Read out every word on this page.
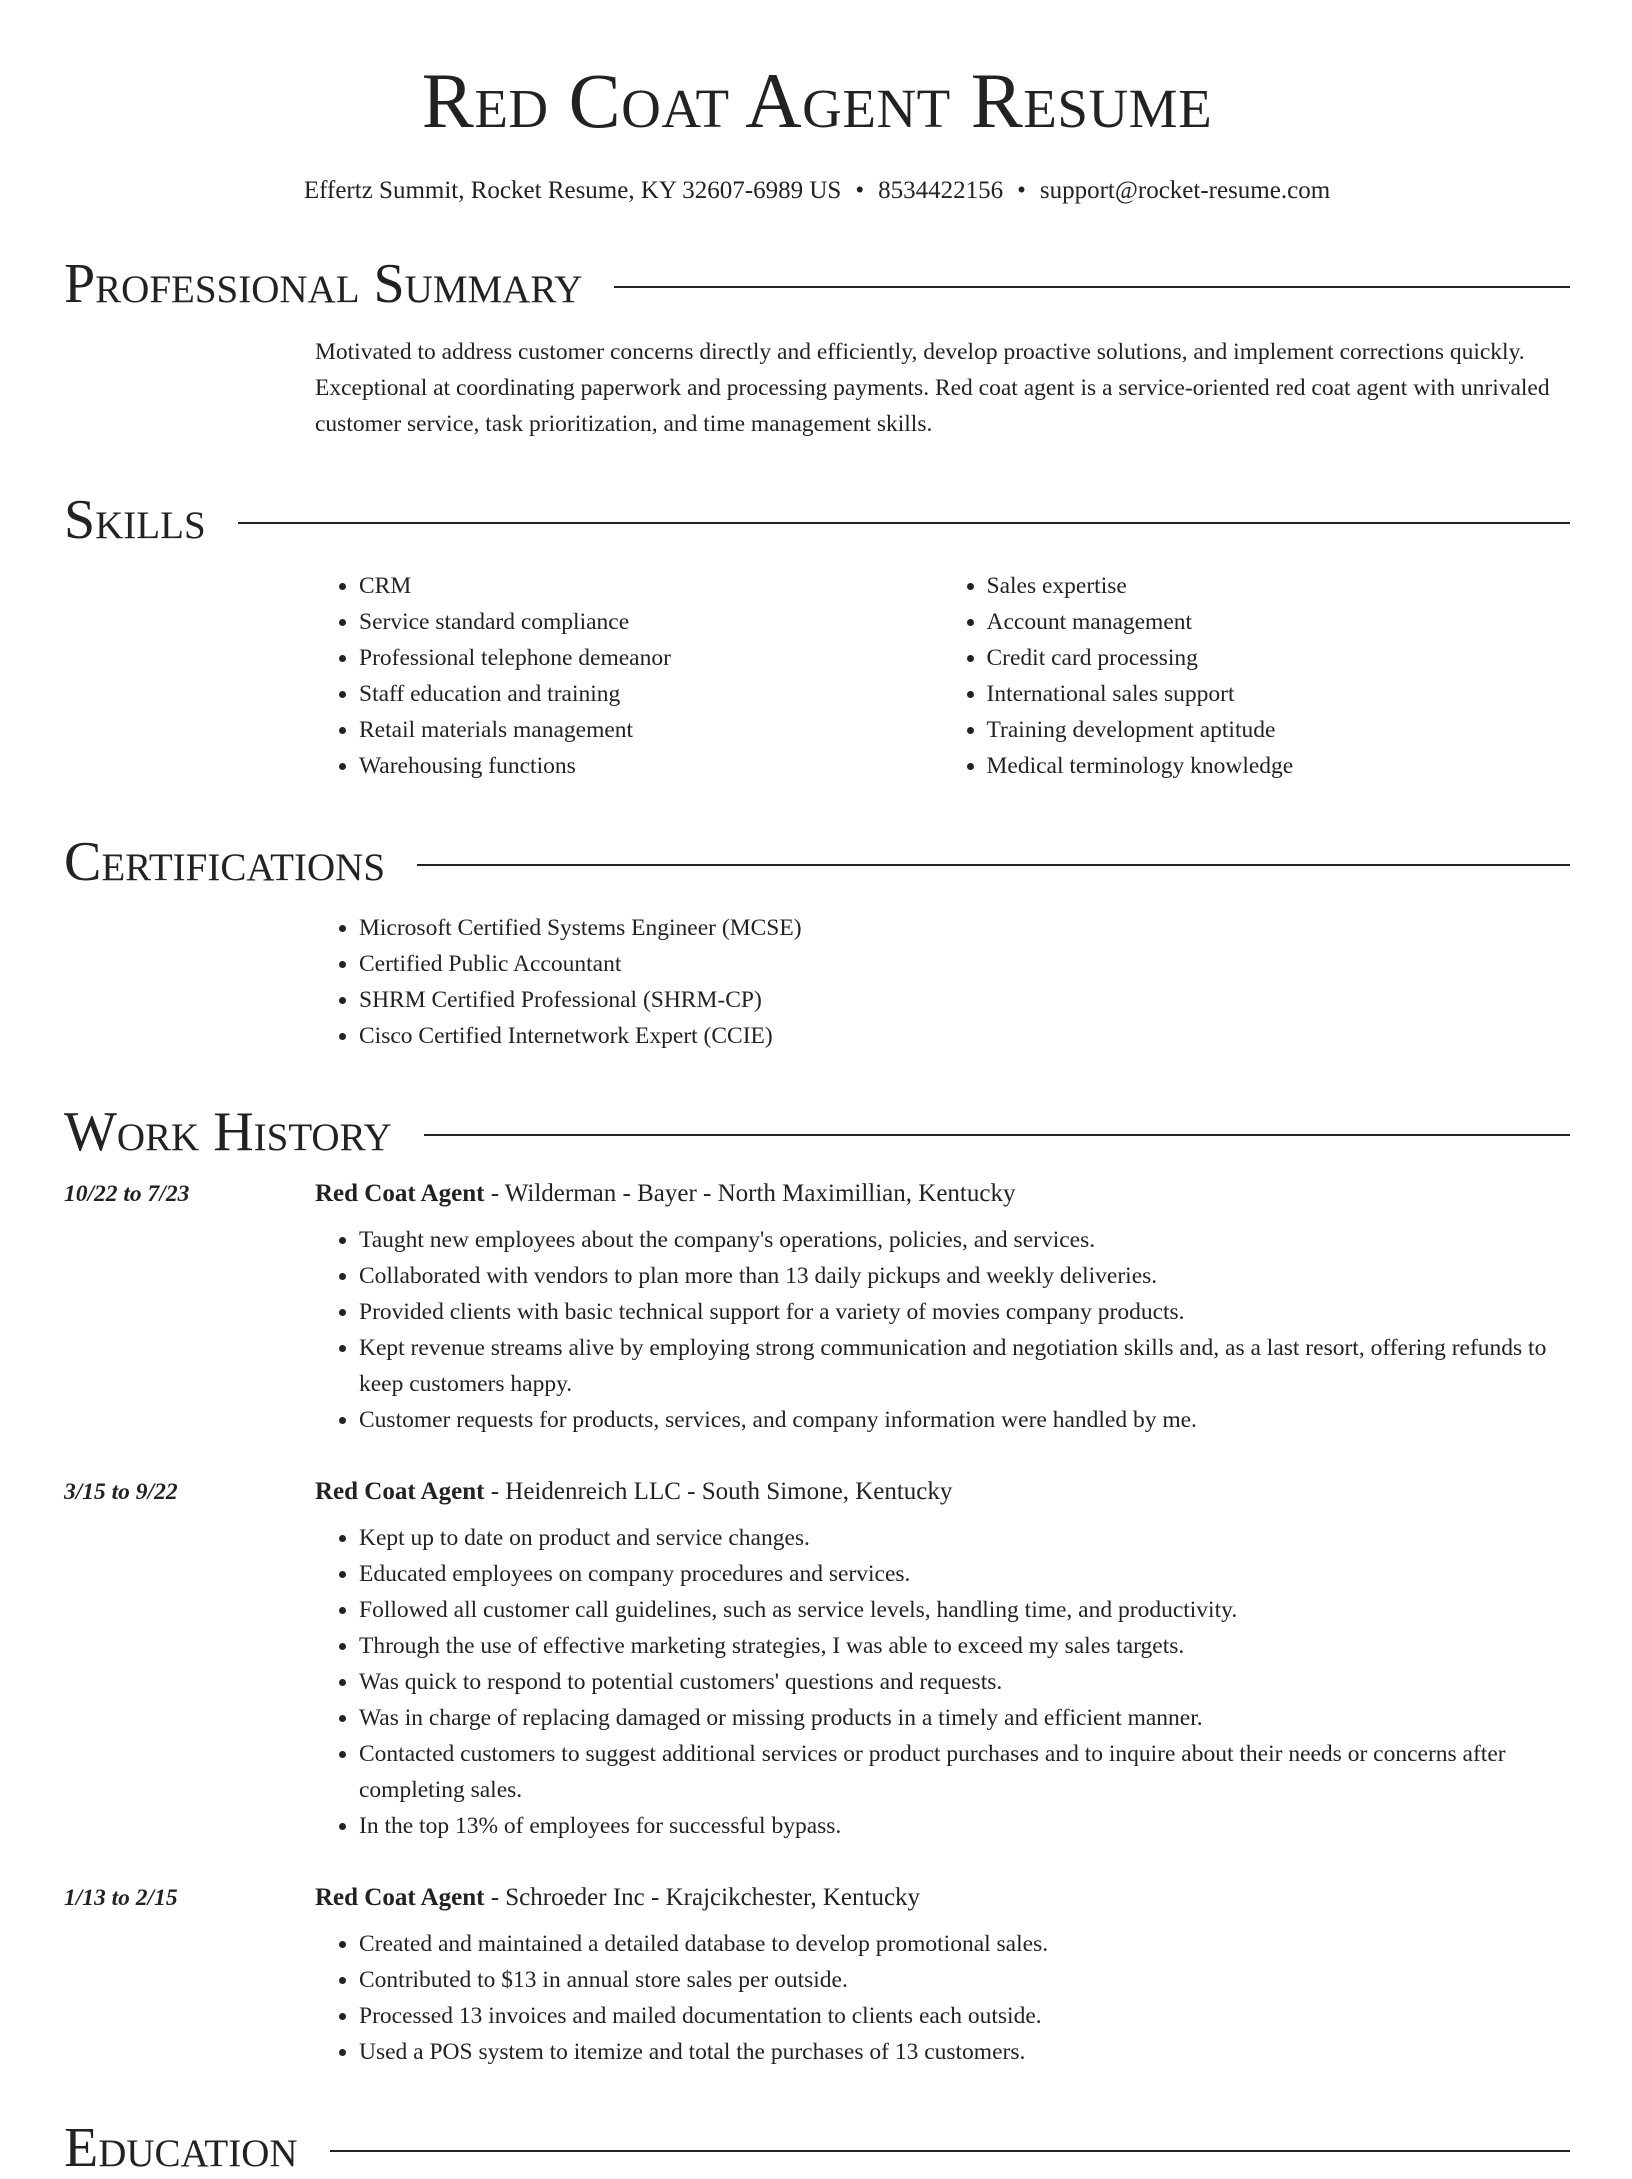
Red Coat Agent Resume
Effertz Summit, Rocket Resume, KY 32607-6989 US • 8534422156 • support@rocket-resume.com
Professional Summary
Motivated to address customer concerns directly and efficiently, develop proactive solutions, and implement corrections quickly. Exceptional at coordinating paperwork and processing payments. Red coat agent is a service-oriented red coat agent with unrivaled customer service, task prioritization, and time management skills.
Skills
• CRM
• Service standard compliance
• Professional telephone demeanor
• Staff education and training
• Retail materials management
• Warehousing functions
• Sales expertise
• Account management
• Credit card processing
• International sales support
• Training development aptitude
• Medical terminology knowledge
Certifications
• Microsoft Certified Systems Engineer (MCSE)
• Certified Public Accountant
• SHRM Certified Professional (SHRM-CP)
• Cisco Certified Internetwork Expert (CCIE)
Work History
10/22 to 7/23	Red Coat Agent - Wilderman - Bayer - North Maximillian, Kentucky
• Taught new employees about the company's operations, policies, and services.
• Collaborated with vendors to plan more than 13 daily pickups and weekly deliveries.
• Provided clients with basic technical support for a variety of movies company products.
• Kept revenue streams alive by employing strong communication and negotiation skills and, as a last resort, offering refunds to keep customers happy.
• Customer requests for products, services, and company information were handled by me.
3/15 to 9/22	Red Coat Agent - Heidenreich LLC - South Simone, Kentucky
• Kept up to date on product and service changes.
• Educated employees on company procedures and services.
• Followed all customer call guidelines, such as service levels, handling time, and productivity.
• Through the use of effective marketing strategies, I was able to exceed my sales targets.
• Was quick to respond to potential customers' questions and requests.
• Was in charge of replacing damaged or missing products in a timely and efficient manner.
• Contacted customers to suggest additional services or product purchases and to inquire about their needs or concerns after completing sales.
• In the top 13% of employees for successful bypass.
1/13 to 2/15	Red Coat Agent - Schroeder Inc - Krajcikchester, Kentucky
• Created and maintained a detailed database to develop promotional sales.
• Contributed to $13 in annual store sales per outside.
• Processed 13 invoices and mailed documentation to clients each outside.
• Used a POS system to itemize and total the purchases of 13 customers.
Education
